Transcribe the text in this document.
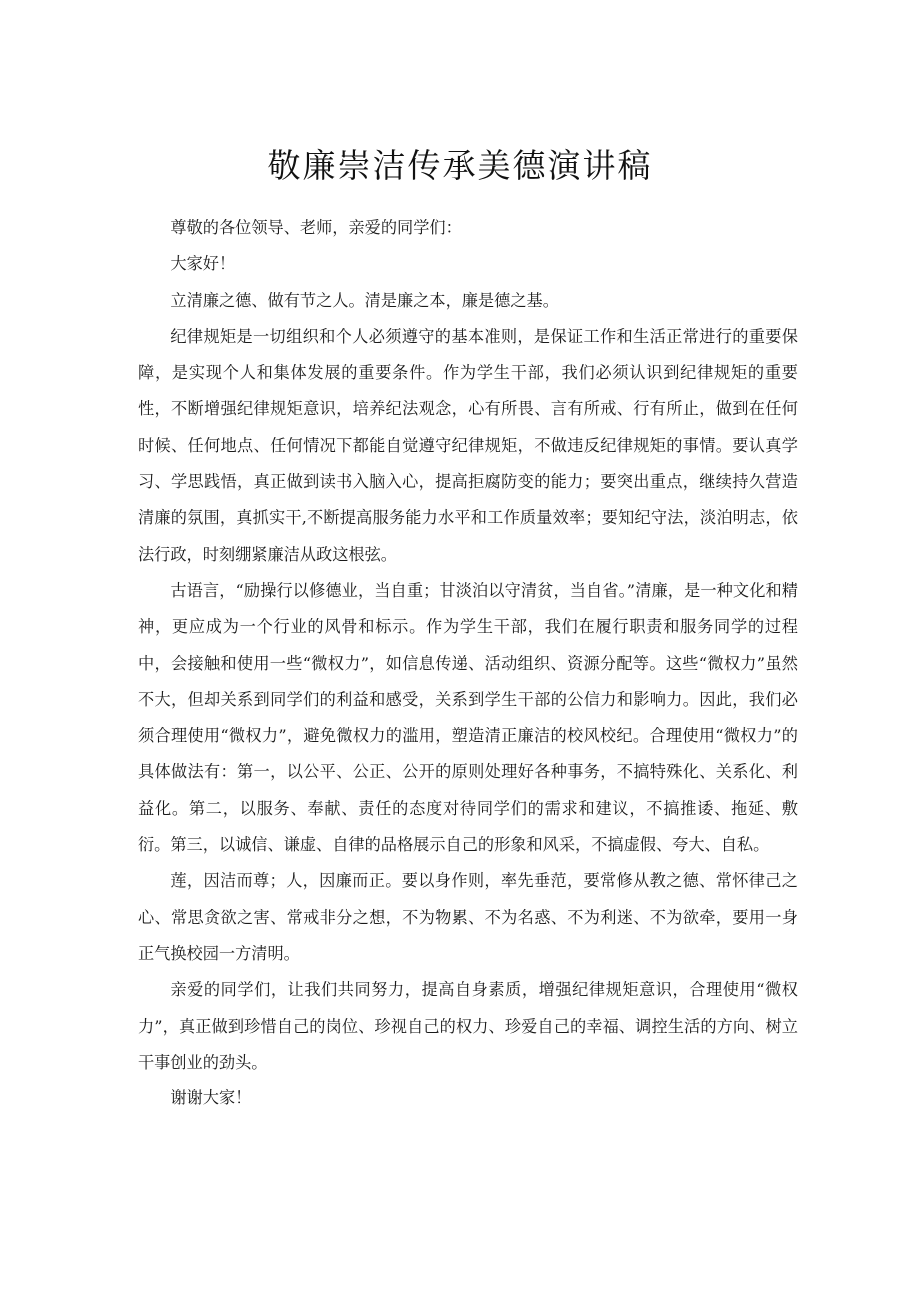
敬廉崇洁传承美德演讲稿

尊敬的各位领导、老师，亲爱的同学们：

大家好！

立清廉之德、做有节之人。清是廉之本，廉是德之基。

纪律规矩是一切组织和个人必须遵守的基本准则，是保证工作和生活正常进行的重要保障，是实现个人和集体发展的重要条件。作为学生干部，我们必须认识到纪律规矩的重要性，不断增强纪律规矩意识，培养纪法观念，心有所畏、言有所戒、行有所止，做到在任何时候、任何地点、任何情况下都能自觉遵守纪律规矩，不做违反纪律规矩的事情。要认真学习、学思践悟，真正做到读书入脑入心，提高拒腐防变的能力；要突出重点，继续持久营造清廉的氛围，真抓实干,不断提高服务能力水平和工作质量效率；要知纪守法，淡泊明志，依法行政，时刻绷紧廉洁从政这根弦。

古语言，“励操行以修德业，当自重；甘淡泊以守清贫，当自省。”清廉，是一种文化和精神，更应成为一个行业的风骨和标示。作为学生干部，我们在履行职责和服务同学的过程中，会接触和使用一些“微权力”，如信息传递、活动组织、资源分配等。这些“微权力”虽然不大，但却关系到同学们的利益和感受，关系到学生干部的公信力和影响力。因此，我们必须合理使用“微权力”，避免微权力的滥用，塑造清正廉洁的校风校纪。合理使用“微权力”的具体做法有：第一，以公平、公正、公开的原则处理好各种事务，不搞特殊化、关系化、利益化。第二，以服务、奉献、责任的态度对待同学们的需求和建议，不搞推诿、拖延、敷衍。第三，以诚信、谦虚、自律的品格展示自己的形象和风采，不搞虚假、夸大、自私。

莲，因洁而尊；人，因廉而正。要以身作则，率先垂范，要常修从教之德、常怀律己之心、常思贪欲之害、常戒非分之想，不为物累、不为名惑、不为利迷、不为欲牵，要用一身正气换校园一方清明。

亲爱的同学们，让我们共同努力，提高自身素质，增强纪律规矩意识，合理使用“微权力”，真正做到珍惜自己的岗位、珍视自己的权力、珍爱自己的幸福、调控生活的方向、树立干事创业的劲头。

谢谢大家！
